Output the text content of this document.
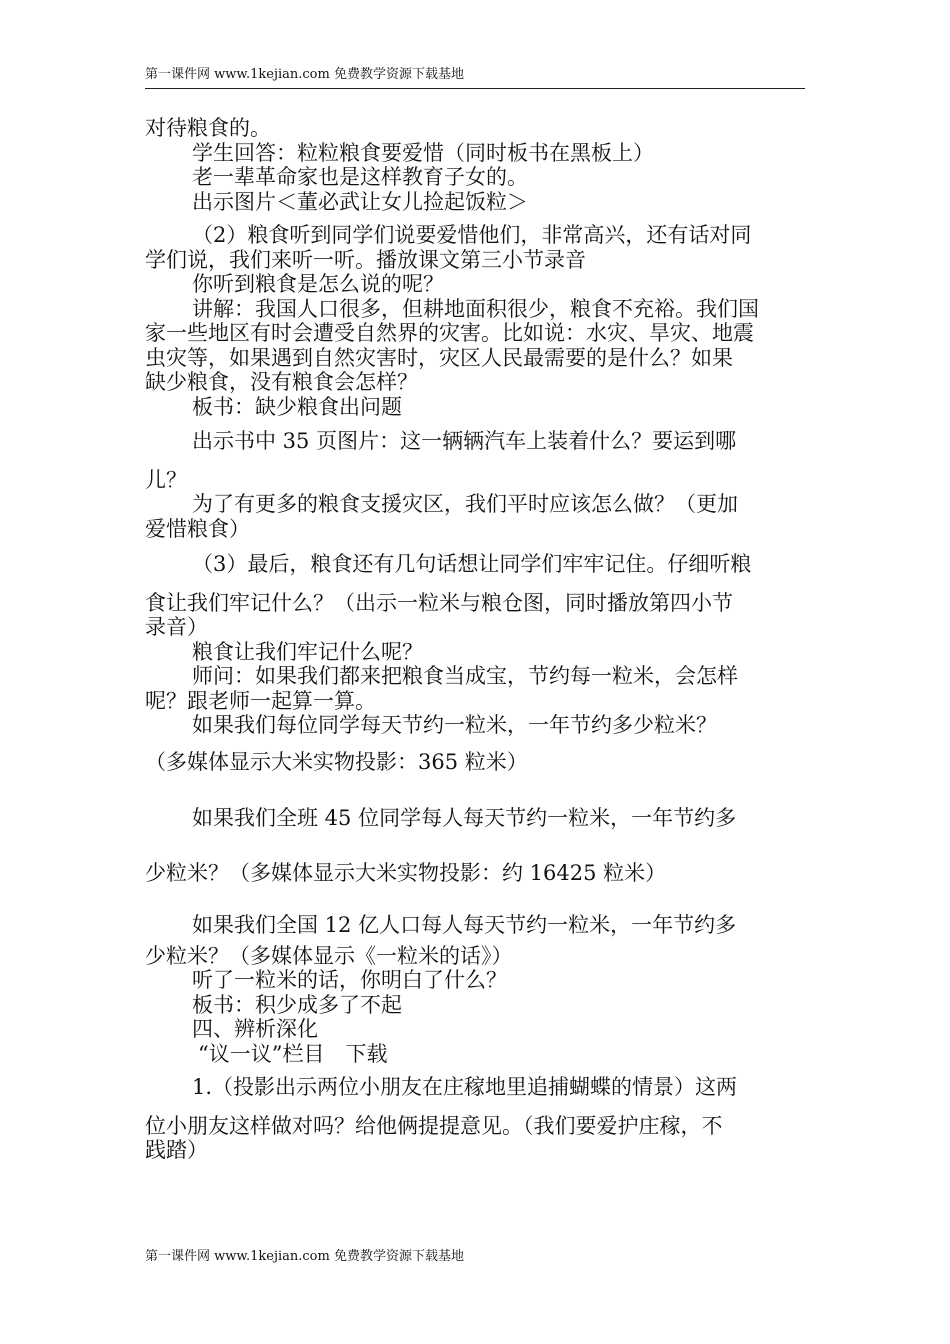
第一课件网 www.1kejian.com 免费教学资源下载基地

对待粮食的。

学生回答：粒粒粮食要爱惜（同时板书在黑板上）

老一辈革命家也是这样教育子女的。

出示图片＜董必武让女儿捡起饭粒＞

（2）粮食听到同学们说要爱惜他们，非常高兴，还有话对同

学们说，我们来听一听。播放课文第三小节录音

你听到粮食是怎么说的呢？

讲解：我国人口很多，但耕地面积很少，粮食不充裕。我们国

家一些地区有时会遭受自然界的灾害。比如说：水灾、旱灾、地震

虫灾等，如果遇到自然灾害时，灾区人民最需要的是什么？如果

缺少粮食，没有粮食会怎样？

板书：缺少粮食出问题

出示书中 35 页图片：这一辆辆汽车上装着什么？要运到哪

儿？

为了有更多的粮食支援灾区，我们平时应该怎么做？（更加

爱惜粮食）

（3）最后，粮食还有几句话想让同学们牢牢记住。仔细听粮

食让我们牢记什么？（出示一粒米与粮仓图，同时播放第四小节

录音）

粮食让我们牢记什么呢？

师问：如果我们都来把粮食当成宝，节约每一粒米，会怎样

呢？跟老师一起算一算。

如果我们每位同学每天节约一粒米，一年节约多少粒米？

（多媒体显示大米实物投影：365 粒米）

如果我们全班 45 位同学每人每天节约一粒米，一年节约多

少粒米？（多媒体显示大米实物投影：约 16425 粒米）

如果我们全国 12 亿人口每人每天节约一粒米，一年节约多

少粒米？（多媒体显示《一粒米的话》）

听了一粒米的话，你明白了什么？

板书：积少成多了不起

四、辨析深化

“议一议”栏目　下载

1.（投影出示两位小朋友在庄稼地里追捕蝴蝶的情景）这两

位小朋友这样做对吗？给他俩提提意见。（我们要爱护庄稼，不

践踏）

第一课件网 www.1kejian.com 免费教学资源下载基地
